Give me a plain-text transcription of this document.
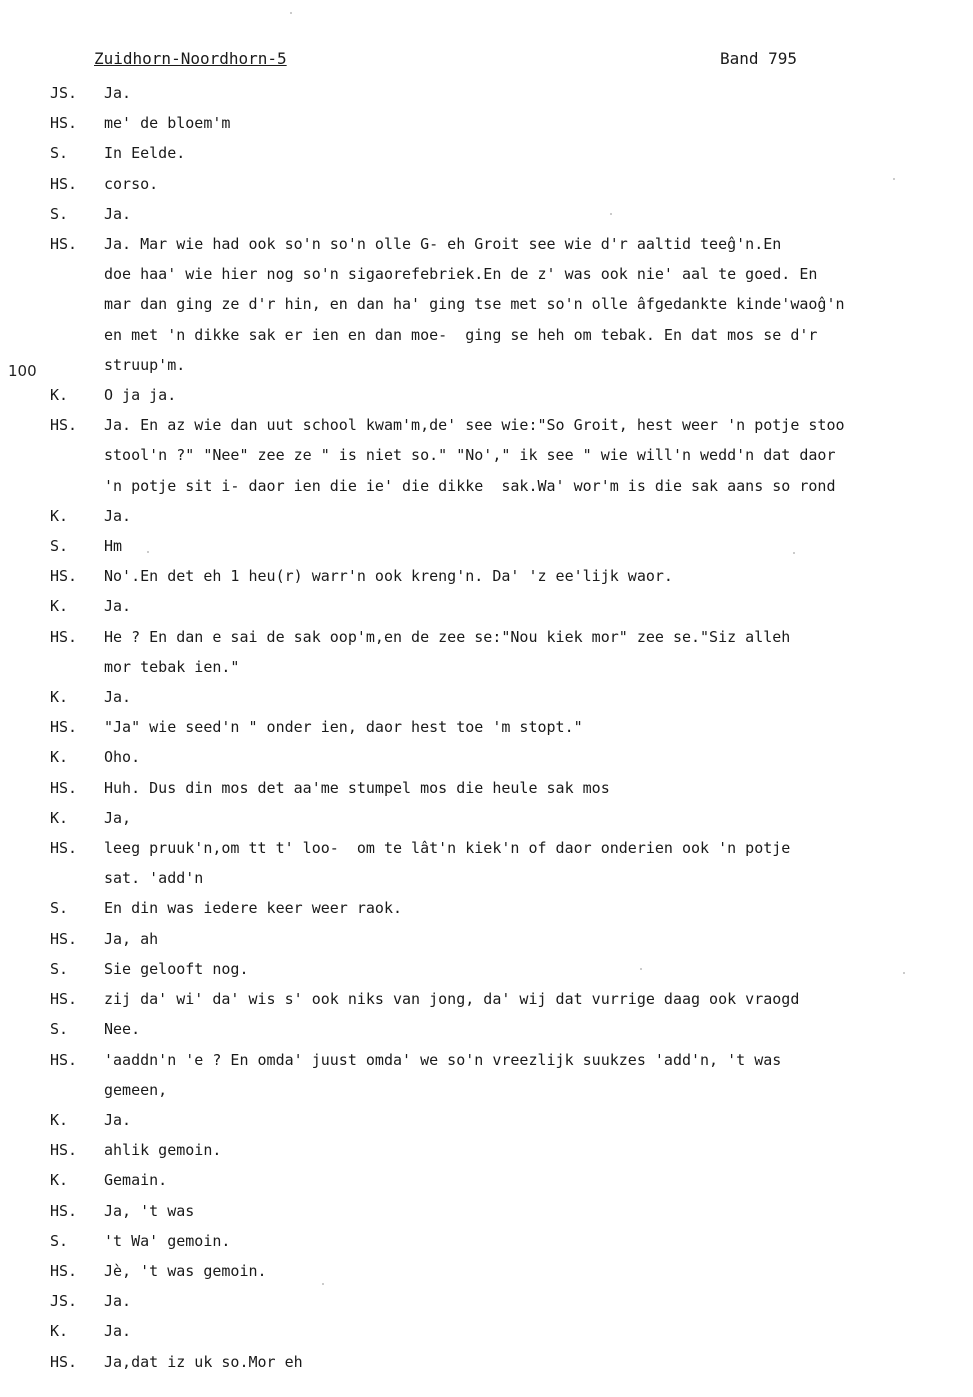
Zuidhorn-Noordhorn-5	Band 795
100
JS. Ja.
HS. me' de bloem'm
S. In Eelde.
HS. corso.
S. Ja.
HS. Ja. Mar wie had ook so'n so'n olle G- eh Groit see wie d'r aaltid teeĝ'n.En
doe haa' wie hier nog so'n sigaorefebriek.En de z' was ook nie' aal te goed. En
mar dan ging ze d'r hin, en dan ha' ging tse met so'n olle âfgedankte kinde'waoĝ'n
en met 'n dikke sak er ien en dan moe-  ging se heh om tebak. En dat mos se d'r
struup'm.
K. O ja ja.
HS. Ja. En az wie dan uut school kwam'm,de' see wie:"So Groit, hest weer 'n potje stoo
stool'n ?" "Nee" zee ze " is niet so." "No'," ik see " wie will'n wedd'n dat daor
'n potje sit i- daor ien die ie' die dikke  sak.Wa' wor'm is die sak aans so rond
K. Ja.
S. Hm
HS. No'.En det eh 1 heu(r) warr'n ook kreng'n. Da' 'z ee'lijk waor.
K. Ja.
HS. He ? En dan e sai de sak oop'm,en de zee se:"Nou kiek mor" zee se."Siz alleh
mor tebak ien."
K. Ja.
HS. "Ja" wie seed'n " onder ien, daor hest toe 'm stopt."
K. Oho.
HS. Huh. Dus din mos det aa'me stumpel mos die heule sak mos
K. Ja,
HS. leeg pruuk'n,om tt t' loo-  om te lât'n kiek'n of daor onderien ook 'n potje
sat. 'add'n
S. En din was iedere keer weer raok.
HS. Ja, ah
S. Sie gelooft nog.
HS. zij da' wi' da' wis s' ook niks van jong, da' wij dat vurrige daag ook vraogd
S. Nee.
HS. 'aaddn'n 'e ? En omda' juust omda' we so'n vreezlijk suukzes 'add'n, 't was
gemeen,
K. Ja.
HS. ahlik gemoin.
K. Gemain.
HS. Ja, 't was
S. 't Wa' gemoin.
HS. Jè, 't was gemoin.
JS. Ja.
K. Ja.
HS. Ja,dat iz uk so.Mor eh
